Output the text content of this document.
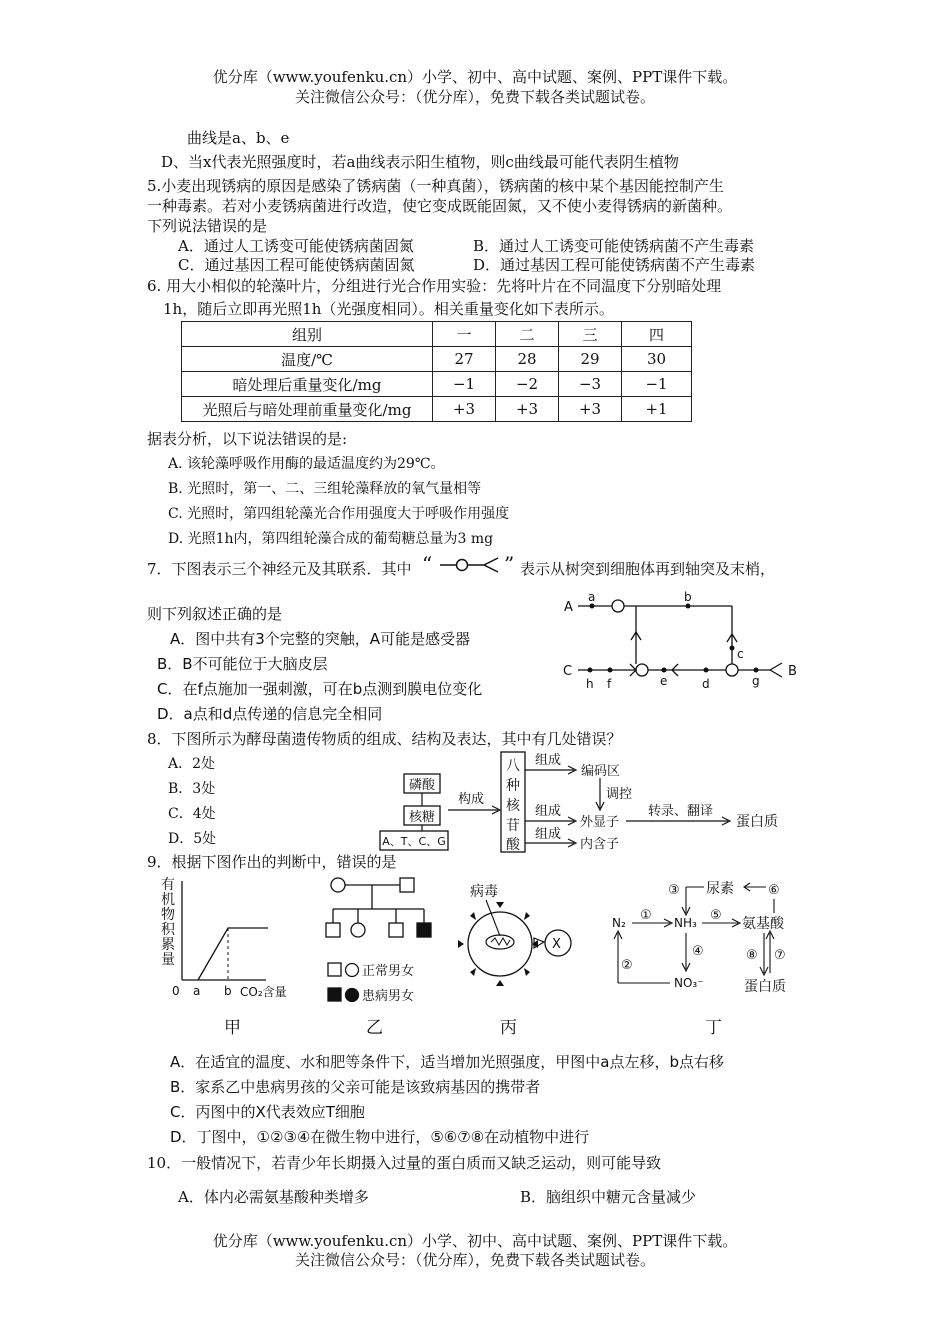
优分库（www.youfenku.cn）小学、初中、高中试题、案例、PPT课件下载。
关注微信公众号：（优分库），免费下载各类试题试卷。
曲线是a、b、e
D、当x代表光照强度时，若a曲线表示阳生植物，则c曲线最可能代表阴生植物
5.小麦出现锈病的原因是感染了锈病菌（一种真菌），锈病菌的核中某个基因能控制产生
一种毒素。若对小麦锈病菌进行改造，使它变成既能固氮，又不使小麦得锈病的新菌种。
下列说法错误的是
A．通过人工诱变可能使锈病菌固氮	B．通过人工诱变可能使锈病菌不产生毒素
C．通过基因工程可能使锈病菌固氮	D．通过基因工程可能使锈病菌不产生毒素
6. 用大小相似的轮藻叶片，分组进行光合作用实验：先将叶片在不同温度下分别暗处理
1h，随后立即再光照1h（光强度相同）。相关重量变化如下表所示。
组别	一	二	三	四
温度/℃	27	28	29	30
暗处理后重量变化/mg	−1	−2	−3	−1
光照后与暗处理前重量变化/mg	+3	+3	+3	+1
据表分析，以下说法错误的是:
A. 该轮藻呼吸作用酶的最适温度约为29℃。
B. 光照时，第一、二、三组轮藻释放的氧气量相等
C. 光照时，第四组轮藻光合作用强度大于呼吸作用强度
D. 光照1h内，第四组轮藻合成的葡萄糖总量为3 mg
7．下图表示三个神经元及其联系．其中 “	” 表示从树突到细胞体再到轴突及末梢，
则下列叙述正确的是
A．图中共有3个完整的突触，A可能是感受器
B．B不可能位于大脑皮层
C．在f点施加一强刺激，可在b点测到膜电位变化
D．a点和d点传递的信息完全相同
A
a	b
c
C
h f	e	d	g
B
8．下图所示为酵母菌遗传物质的组成、结构及表达，其中有几处错误？
A．2处
B．3处
C．4处
D．5处
磷酸
核糖
A、T、C、G
构成
八
种
核
苷
酸
组成
编码区
调控
组成
外显子
转录、翻译
蛋白质
组成
内含子
9．根据下图作出的判断中，错误的是
有
机
物
积
累
量
0 a b CO₂含量
甲
正常男女
患病男女
乙
病毒
X
丙
③ 尿素	⑥
N₂ ① NH₃ ⑤
氨 基酸
④
NO₃⁻
②
⑧ ⑦
蛋白质
丁
A．在适宜的温度、水和肥等条件下，适当增加光照强度，甲图中a点左移，b点右移
B．家系乙中患病男孩的父亲可能是该致病基因的携带者
C．丙图中的X代表效应T细胞
D．丁图中，①②③④在微生物中进行，⑤⑥⑦⑧在动植物中进行
10．一般情况下，若青少年长期摄入过量的蛋白质而又缺乏运动，则可能导致
A．体内必需氨基酸种类增多	B．脑组织中糖元含量减少
优分库（www.youfenku.cn）小学、初中、高中试题、案例、PPT课件下载。
关注微信公众号：（优分库），免费下载各类试题试卷。
